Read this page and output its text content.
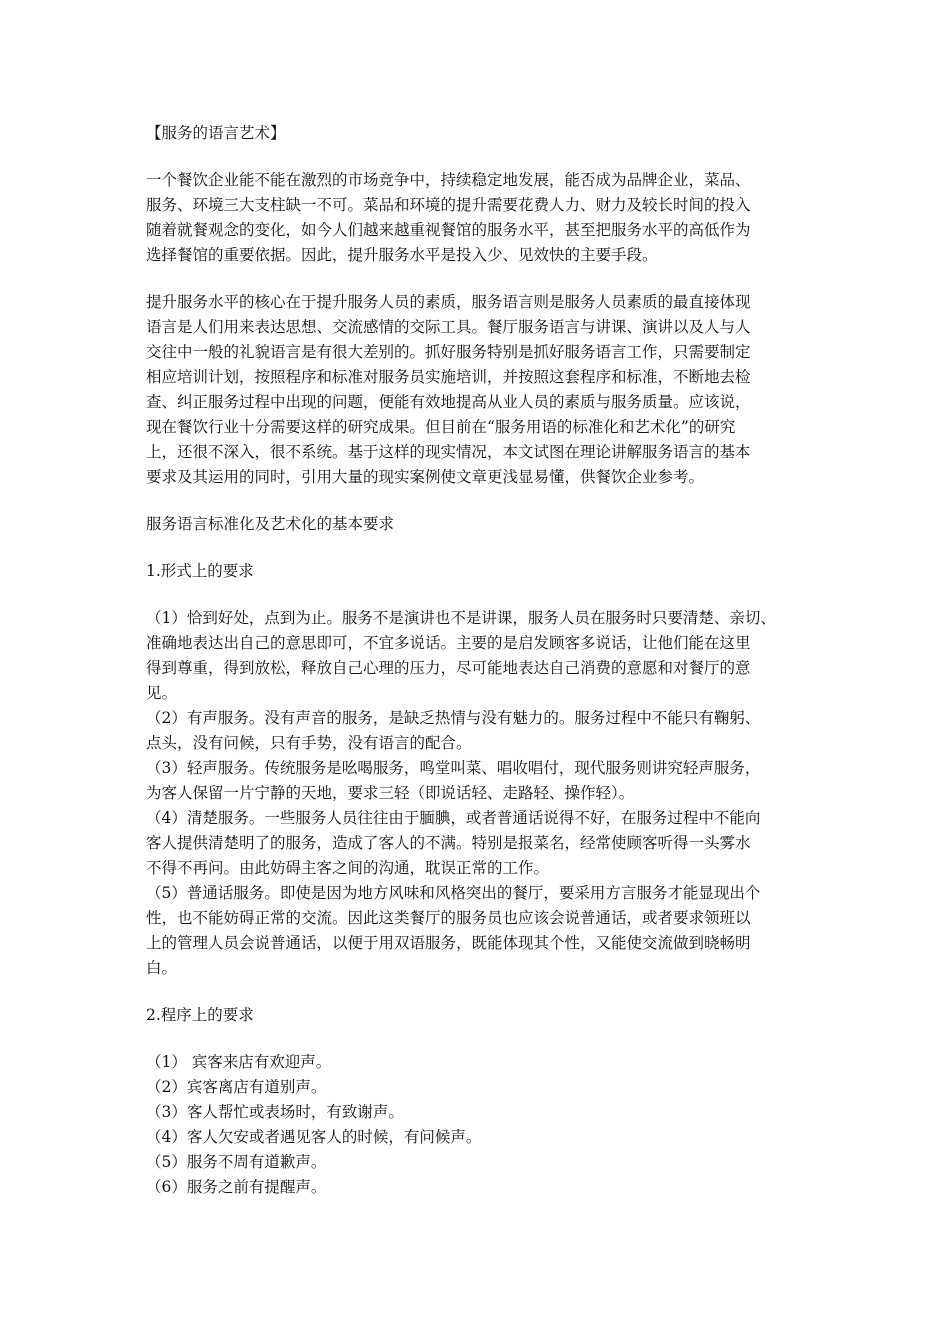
【服务的语言艺术】
一个餐饮企业能不能在激烈的市场竞争中，持续稳定地发展，能否成为品牌企业，菜品、
服务、环境三大支柱缺一不可。菜品和环境的提升需要花费人力、财力及较长时间的投入
随着就餐观念的变化，如今人们越来越重视餐馆的服务水平，甚至把服务水平的高低作为
选择餐馆的重要依据。因此，提升服务水平是投入少、见效快的主要手段。
提升服务水平的核心在于提升服务人员的素质，服务语言则是服务人员素质的最直接体现
语言是人们用来表达思想、交流感情的交际工具。餐厅服务语言与讲课、演讲以及人与人
交往中一般的礼貌语言是有很大差别的。抓好服务特别是抓好服务语言工作，只需要制定
相应培训计划，按照程序和标准对服务员实施培训，并按照这套程序和标准，不断地去检
查、纠正服务过程中出现的问题，便能有效地提高从业人员的素质与服务质量。应该说，
现在餐饮行业十分需要这样的研究成果。但目前在“服务用语的标准化和艺术化”的研究
上，还很不深入，很不系统。基于这样的现实情况，本文试图在理论讲解服务语言的基本
要求及其运用的同时，引用大量的现实案例使文章更浅显易懂，供餐饮企业参考。
服务语言标准化及艺术化的基本要求
1.形式上的要求
（1）恰到好处，点到为止。服务不是演讲也不是讲课，服务人员在服务时只要清楚、亲切、
准确地表达出自己的意思即可，不宜多说话。主要的是启发顾客多说话，让他们能在这里
得到尊重，得到放松，释放自己心理的压力，尽可能地表达自己消费的意愿和对餐厅的意
见。
（2）有声服务。没有声音的服务，是缺乏热情与没有魅力的。服务过程中不能只有鞠躬、
点头，没有问候，只有手势，没有语言的配合。
（3）轻声服务。传统服务是吆喝服务，鸣堂叫菜、唱收唱付，现代服务则讲究轻声服务，
为客人保留一片宁静的天地，要求三轻（即说话轻、走路轻、操作轻）。
（4）清楚服务。一些服务人员往往由于腼腆，或者普通话说得不好，在服务过程中不能向
客人提供清楚明了的服务，造成了客人的不满。特别是报菜名，经常使顾客听得一头雾水
不得不再问。由此妨碍主客之间的沟通，耽误正常的工作。
（5）普通话服务。即使是因为地方风味和风格突出的餐厅，要采用方言服务才能显现出个
性，也不能妨碍正常的交流。因此这类餐厅的服务员也应该会说普通话，或者要求领班以
上的管理人员会说普通话，以便于用双语服务，既能体现其个性，又能使交流做到晓畅明
白。
2.程序上的要求
（1） 宾客来店有欢迎声。
（2）宾客离店有道别声。
（3）客人帮忙或表场时，有致谢声。
（4）客人欠安或者遇见客人的时候，有问候声。
（5）服务不周有道歉声。
（6）服务之前有提醒声。
